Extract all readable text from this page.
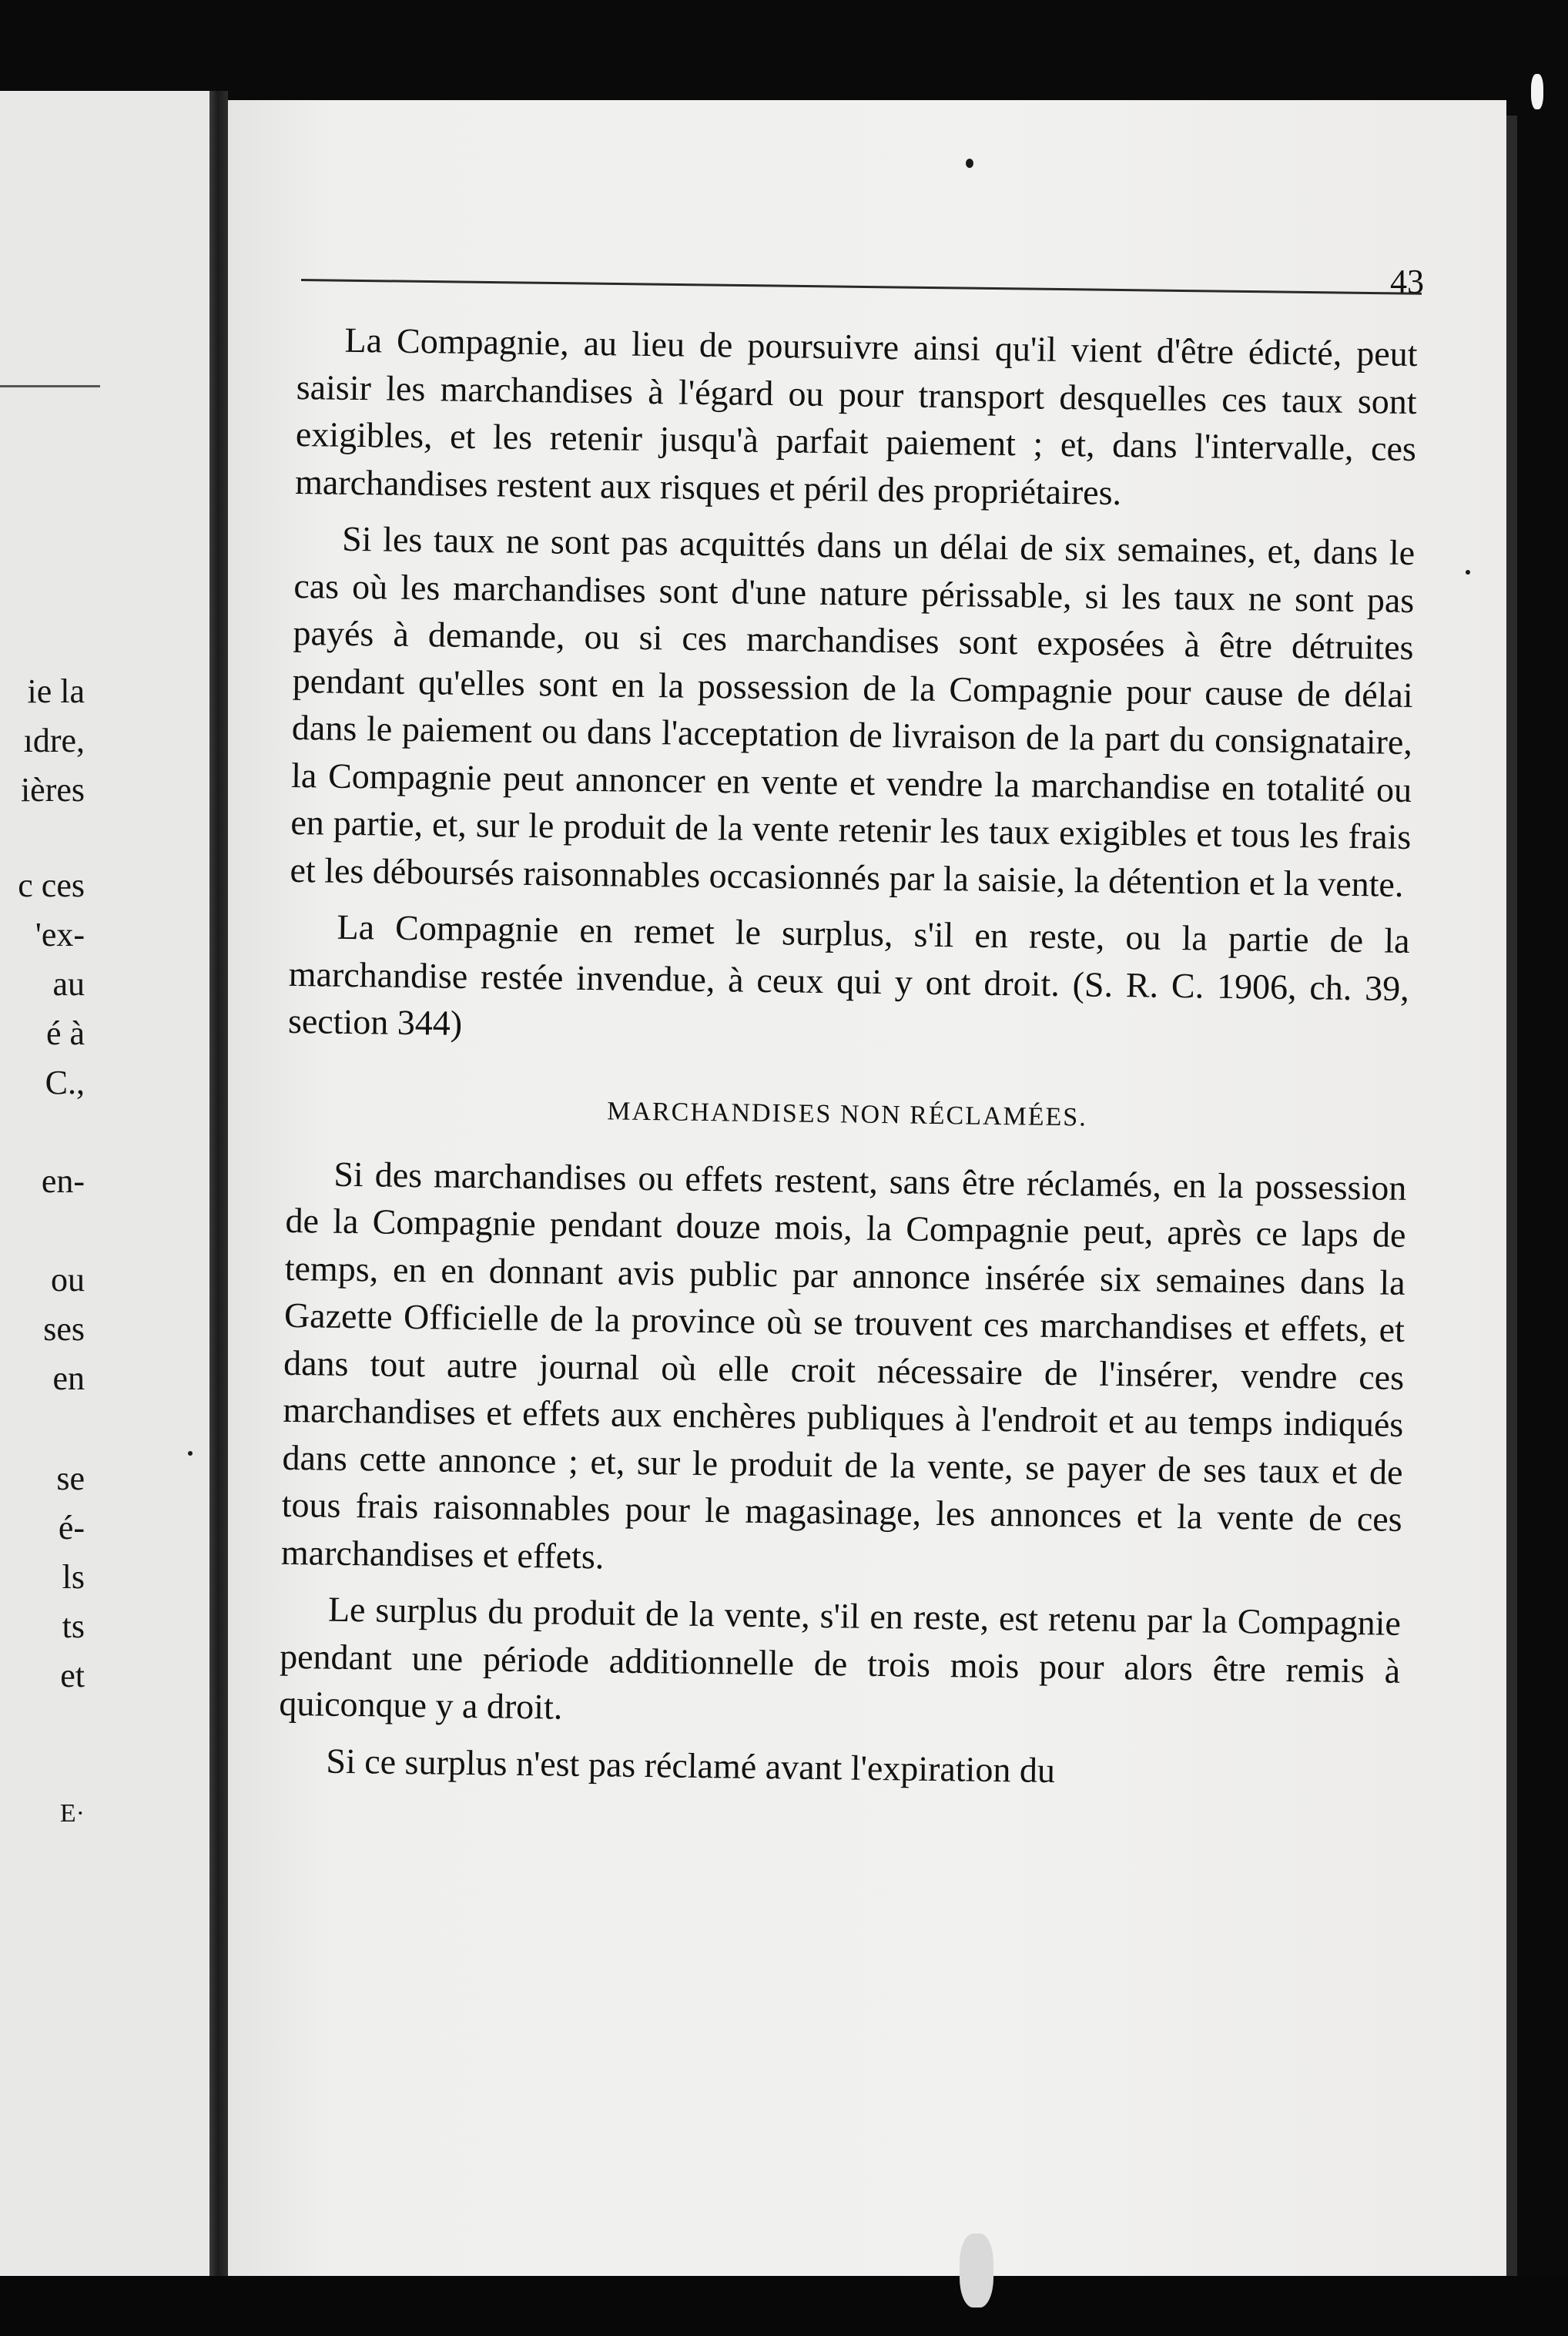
ie la
ıdre,
ières
c ces
'ex-
au
é à
C.,
en-
ou
ses
en
se
é-
ls
ts
et
E·
43

La Compagnie, au lieu de poursuivre ainsi qu'il vient d'être édicté, peut saisir les marchandises à l'égard ou pour transport desquelles ces taux sont exigibles, et les retenir jusqu'à parfait paiement ; et, dans l'intervalle, ces marchandises restent aux risques et péril des propriétaires.

Si les taux ne sont pas acquittés dans un délai de six semaines, et, dans le cas où les marchandises sont d'une nature périssable, si les taux ne sont pas payés à demande, ou si ces marchandises sont exposées à être détruites pendant qu'elles sont en la possession de la Compagnie pour cause de délai dans le paiement ou dans l'acceptation de livraison de la part du consignataire, la Compagnie peut annoncer en vente et vendre la marchandise en totalité ou en partie, et, sur le produit de la vente retenir les taux exigibles et tous les frais et les déboursés raisonnables occasionnés par la saisie, la détention et la vente.

La Compagnie en remet le surplus, s'il en reste, ou la partie de la marchandise restée invendue, à ceux qui y ont droit. (S. R. C. 1906, ch. 39, section 344)

MARCHANDISES NON RÉCLAMÉES.

Si des marchandises ou effets restent, sans être réclamés, en la possession de la Compagnie pendant douze mois, la Compagnie peut, après ce laps de temps, en en donnant avis public par annonce insérée six semaines dans la Gazette Officielle de la province où se trouvent ces marchandises et effets, et dans tout autre journal où elle croit nécessaire de l'insérer, vendre ces marchandises et effets aux enchères publiques à l'endroit et au temps indiqués dans cette annonce ; et, sur le produit de la vente, se payer de ses taux et de tous frais raisonnables pour le magasinage, les annonces et la vente de ces marchandises et effets.

Le surplus du produit de la vente, s'il en reste, est retenu par la Compagnie pendant une période additionnelle de trois mois pour alors être remis à quiconque y a droit.

Si ce surplus n'est pas réclamé avant l'expiration du
